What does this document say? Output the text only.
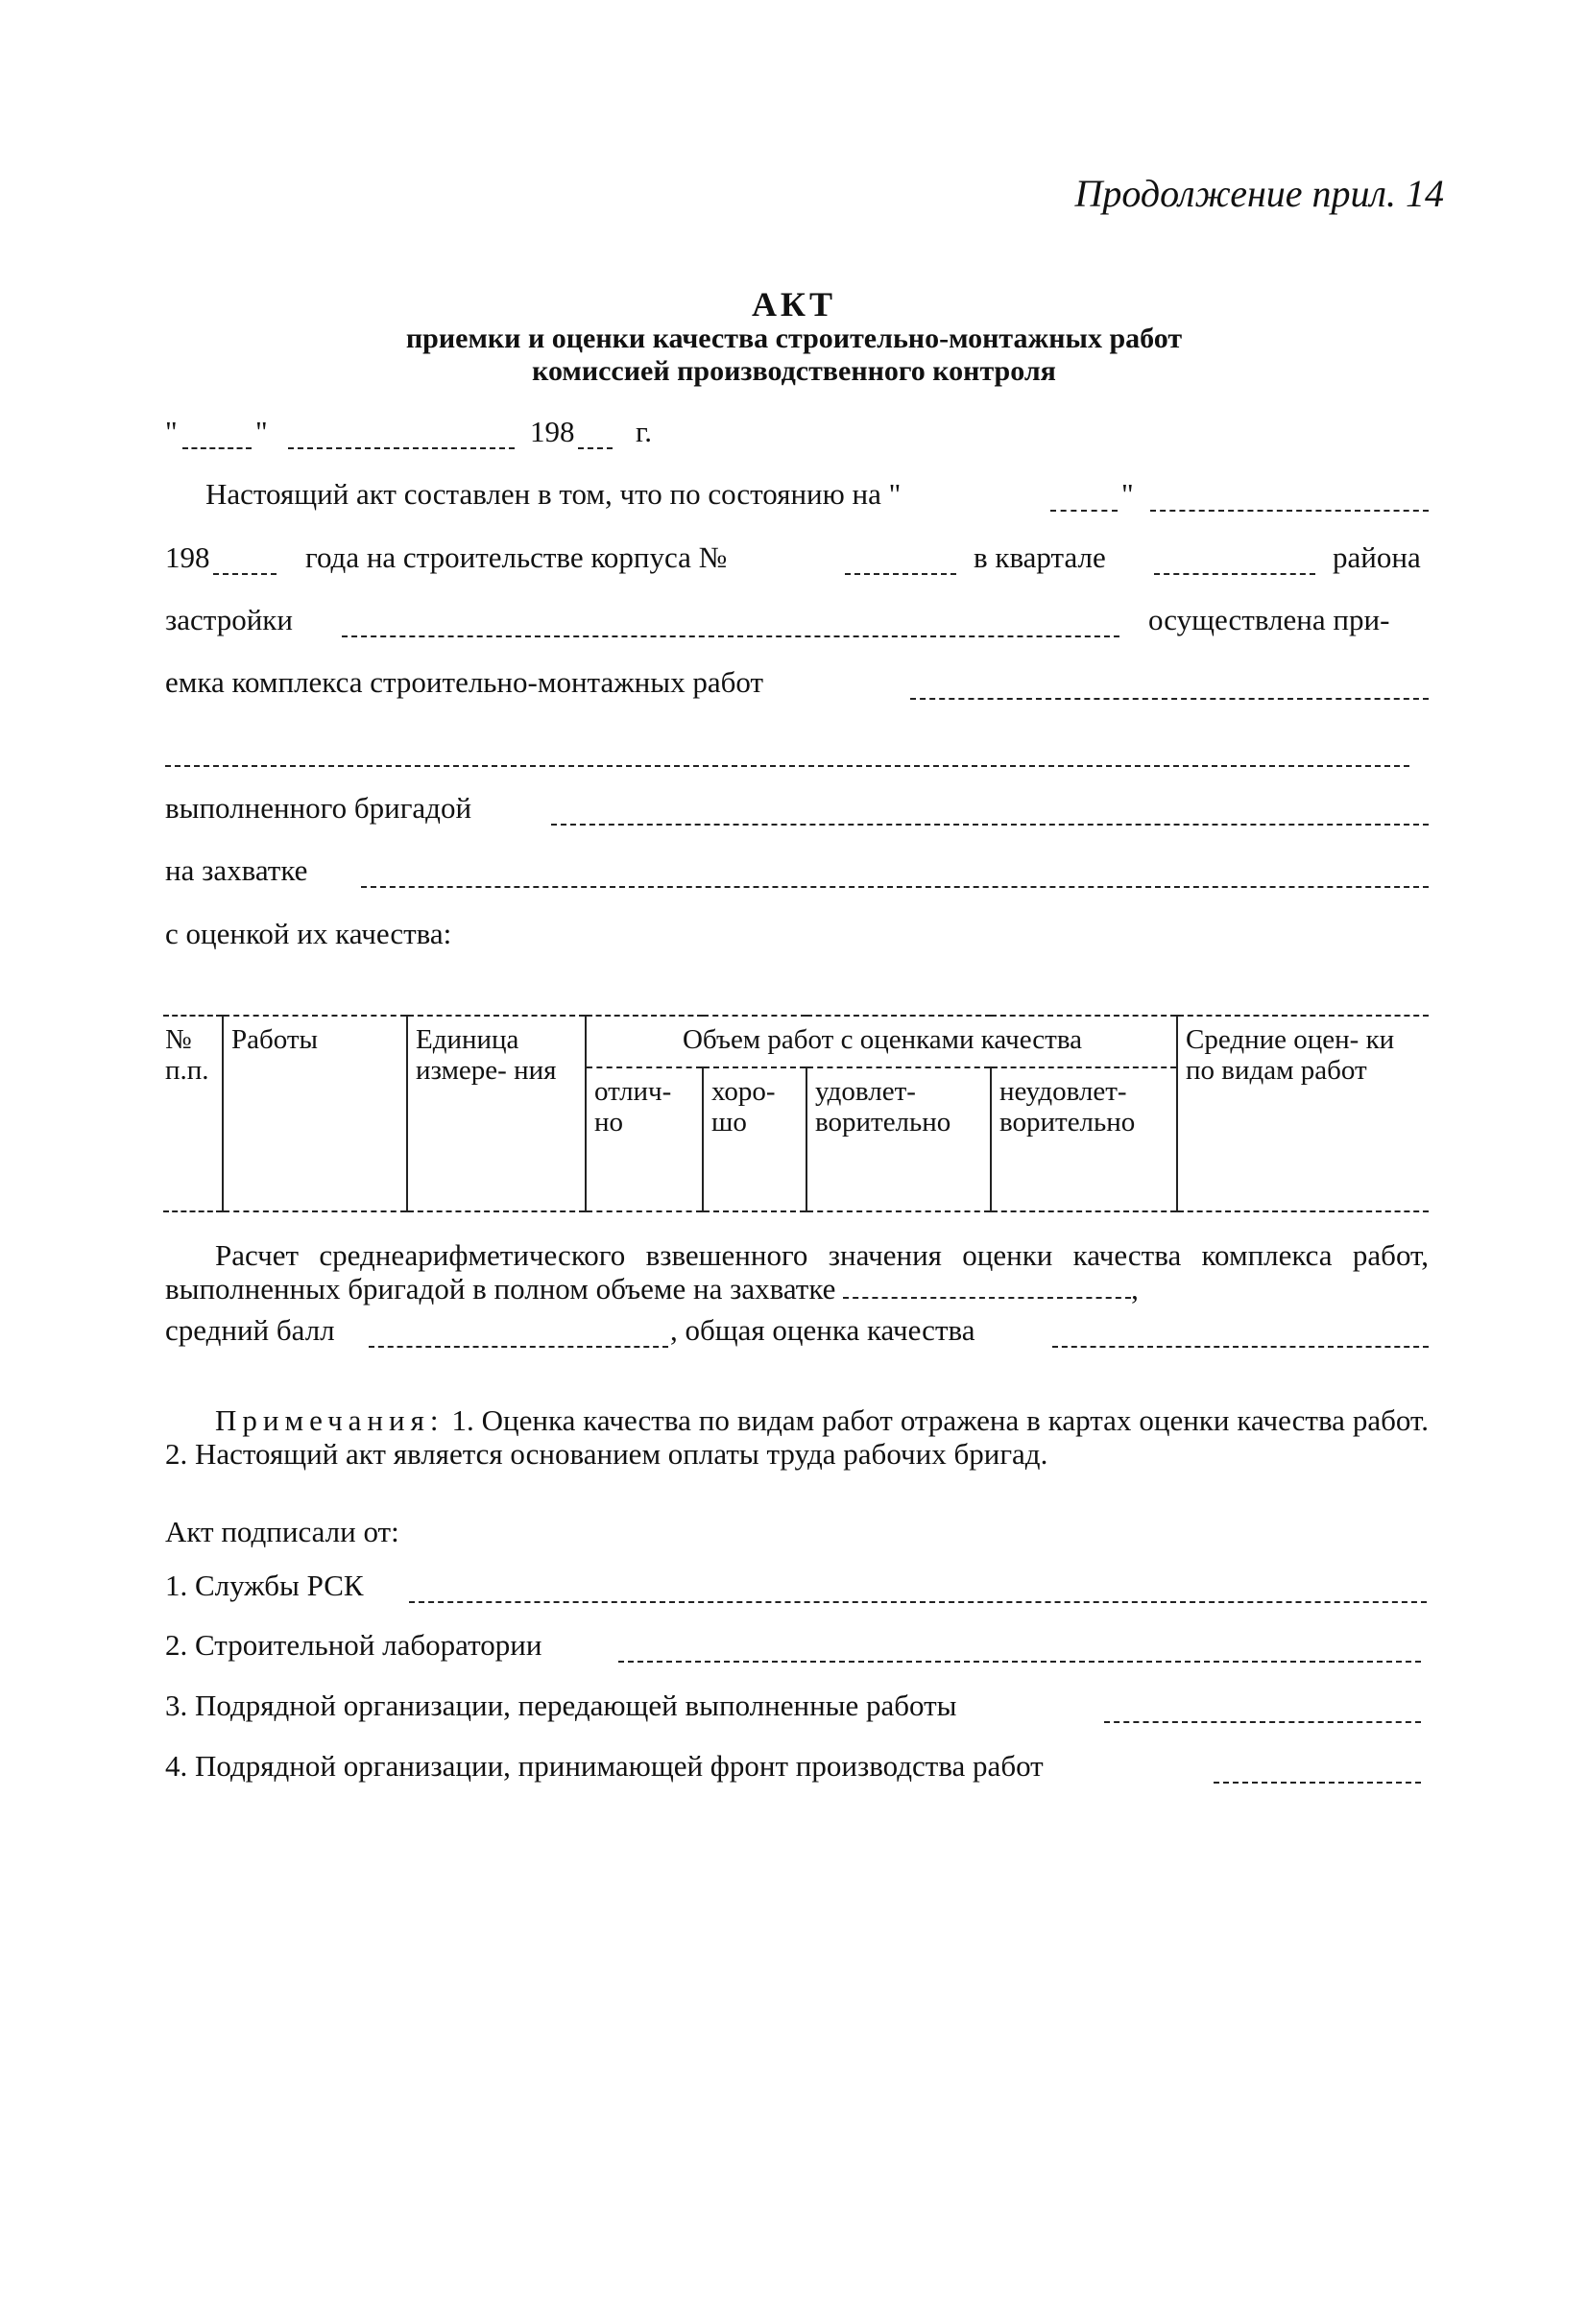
Продолжение прил. 14
АКТ
приемки и оценки качества строительно-монтажных работ
комиссией производственного контроля
"	"	198 г.
Настоящий акт составлен в том, что по состоянию на "	"
198	года на строительстве корпуса №	в квартале	района
застройки	осуществлена при-
емка комплекса строительно-монтажных работ
выполненного бригадой
на захватке
с оценкой их качества:
№ п.п.	Работы	Единица измере- ния	Объем работ с оценками качества				Средние оцен- ки по видам работ
			отлич- но	хоро- шо	удовлет- ворительно	неудовлет- ворительно	
Расчет среднеарифметического взвешенного значения оценки качества комплекса работ, выполненных бригадой в полном объеме на захватке	,
средний балл	, общая оценка качества
Примечания: 1. Оценка качества по видам работ отражена в картах оценки качества работ. 2. Настоящий акт является основанием оплаты труда рабочих бригад.
Акт подписали от:
1. Службы РСК
2. Строительной лаборатории
3. Подрядной организации, передающей выполненные работы
4. Подрядной организации, принимающей фронт производства работ
